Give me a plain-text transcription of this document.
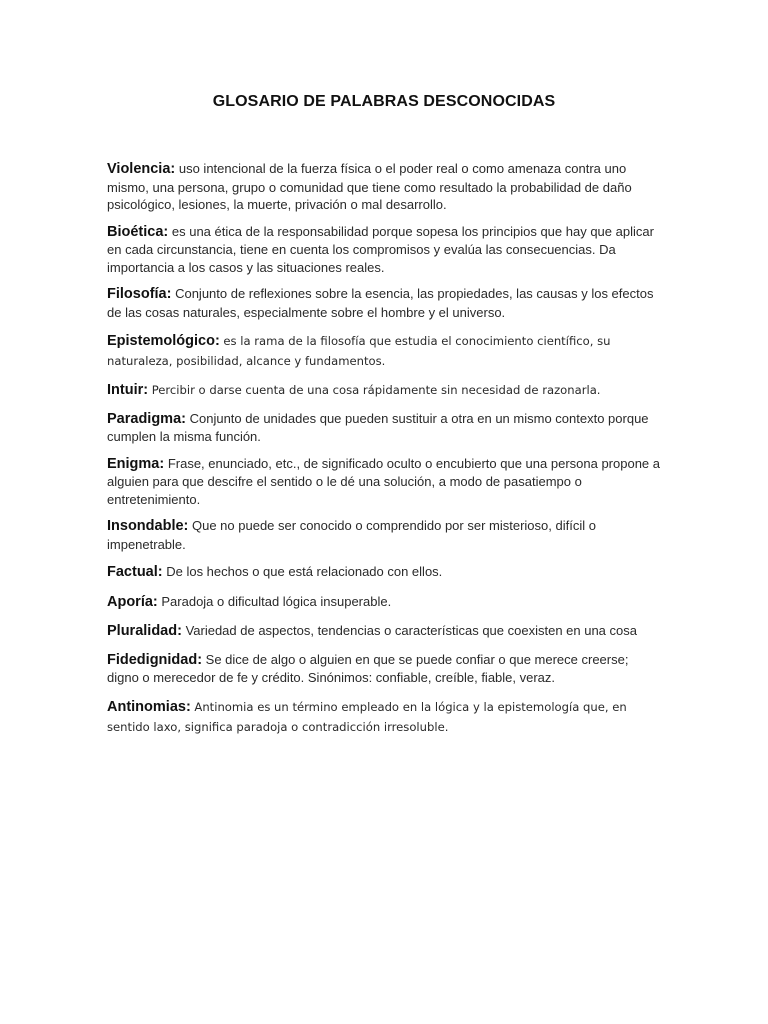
GLOSARIO DE PALABRAS DESCONOCIDAS

Violencia: uso intencional de la fuerza física o el poder real o como amenaza contra uno mismo, una persona, grupo o comunidad que tiene como resultado la probabilidad de daño psicológico, lesiones, la muerte, privación o mal desarrollo.

Bioética: es una ética de la responsabilidad porque sopesa los principios que hay que aplicar en cada circunstancia, tiene en cuenta los compromisos y evalúa las consecuencias. Da importancia a los casos y las situaciones reales.

Filosofía: Conjunto de reflexiones sobre la esencia, las propiedades, las causas y los efectos de las cosas naturales, especialmente sobre el hombre y el universo.

Epistemológico: es la rama de la filosofía que estudia el conocimiento científico, su naturaleza, posibilidad, alcance y fundamentos.

Intuir: Percibir o darse cuenta de una cosa rápidamente sin necesidad de razonarla.

Paradigma: Conjunto de unidades que pueden sustituir a otra en un mismo contexto porque cumplen la misma función.

Enigma: Frase, enunciado, etc., de significado oculto o encubierto que una persona propone a alguien para que descifre el sentido o le dé una solución, a modo de pasatiempo o entretenimiento.

Insondable: Que no puede ser conocido o comprendido por ser misterioso, difícil o impenetrable.

Factual: De los hechos o que está relacionado con ellos.

Aporía: Paradoja o dificultad lógica insuperable.

Pluralidad: Variedad de aspectos, tendencias o características que coexisten en una cosa

Fidedignidad: Se dice de algo o alguien en que se puede confiar o que merece creerse; digno o merecedor de fe y crédito. Sinónimos: confiable, creíble, fiable, veraz.

Antinomias: Antinomia es un término empleado en la lógica y la epistemología que, en sentido laxo, significa paradoja o contradicción irresoluble.
